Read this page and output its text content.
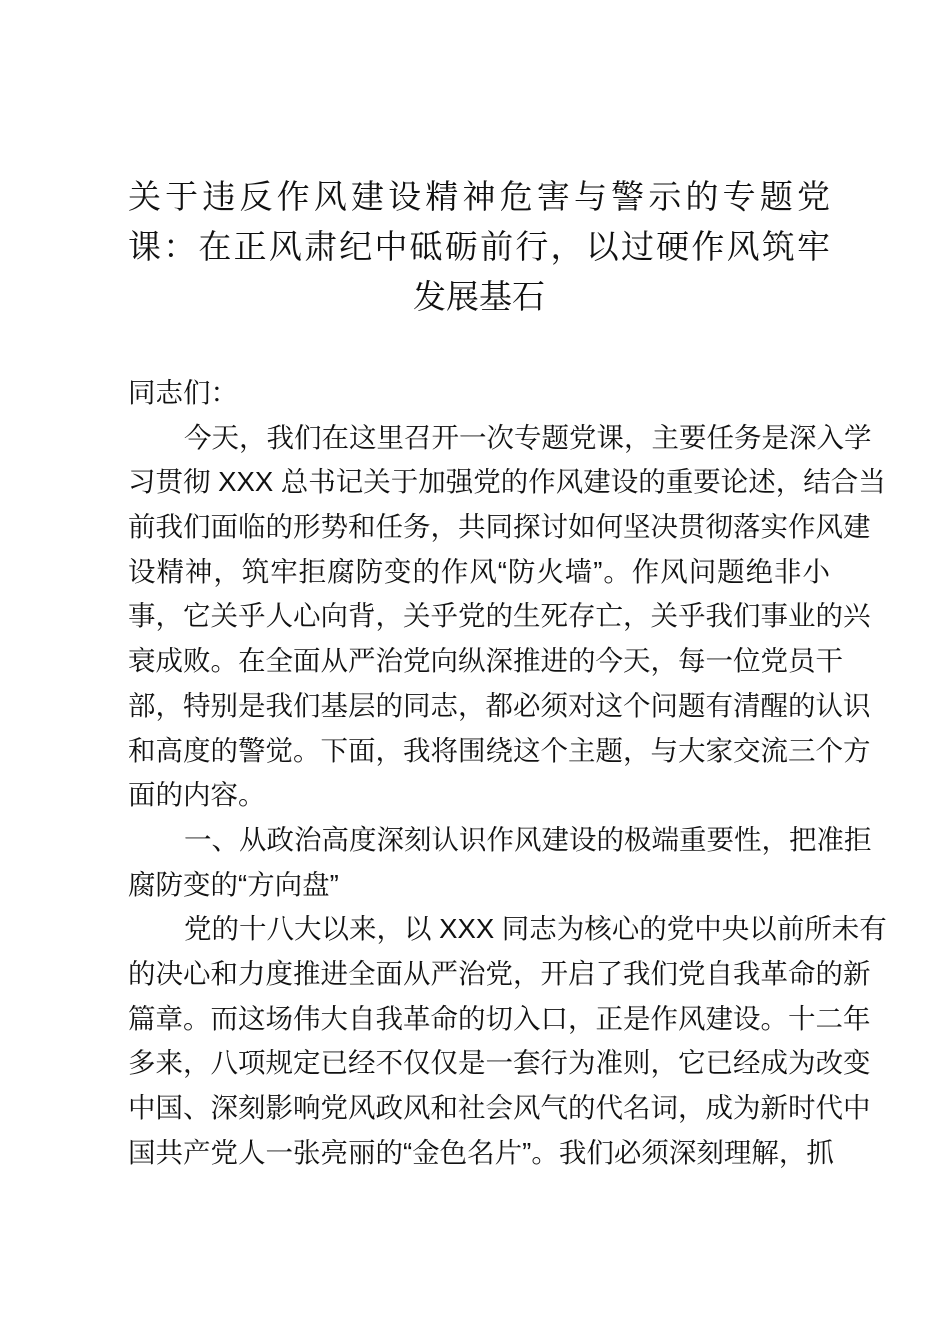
关于违反作风建设精神危害与警示的专题党
课：在正风肃纪中砥砺前行，以过硬作风筑牢
发展基石
同志们：
今天，我们在这里召开一次专题党课，主要任务是深入学
习贯彻 XXX 总书记关于加强党的作风建设的重要论述，结合当
前我们面临的形势和任务，共同探讨如何坚决贯彻落实作风建
设精神，筑牢拒腐防变的作风“防火墙”。作风问题绝非小
事，它关乎人心向背，关乎党的生死存亡，关乎我们事业的兴
衰成败。在全面从严治党向纵深推进的今天，每一位党员干
部，特别是我们基层的同志，都必须对这个问题有清醒的认识
和高度的警觉。下面，我将围绕这个主题，与大家交流三个方
面的内容。
一、从政治高度深刻认识作风建设的极端重要性，把准拒
腐防变的“方向盘”
党的十八大以来，以 XXX 同志为核心的党中央以前所未有
的决心和力度推进全面从严治党，开启了我们党自我革命的新
篇章。而这场伟大自我革命的切入口，正是作风建设。十二年
多来，八项规定已经不仅仅是一套行为准则，它已经成为改变
中国、深刻影响党风政风和社会风气的代名词，成为新时代中
国共产党人一张亮丽的“金色名片”。我们必须深刻理解，抓
